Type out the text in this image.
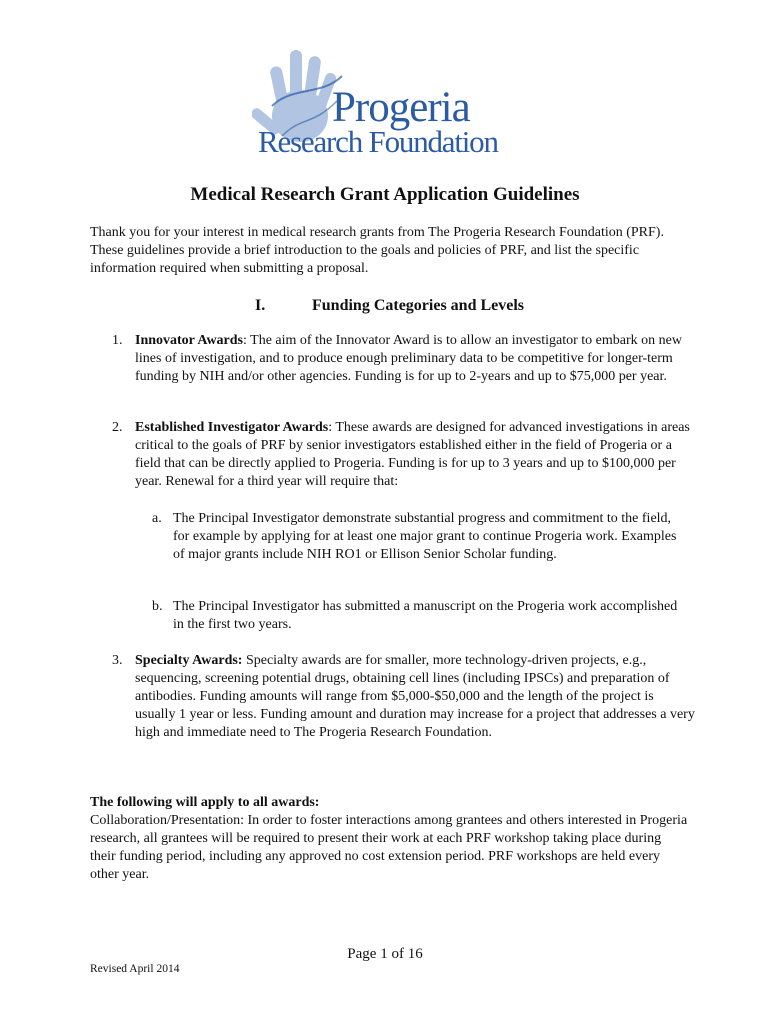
Progeria
Research Foundation
Medical Research Grant Application Guidelines
Thank you for your interest in medical research grants from The Progeria Research Foundation (PRF). These guidelines provide a brief introduction to the goals and policies of PRF, and list the specific information required when submitting a proposal.
I.	Funding Categories and Levels
1. Innovator Awards: The aim of the Innovator Award is to allow an investigator to embark on new lines of investigation, and to produce enough preliminary data to be competitive for longer-term funding by NIH and/or other agencies. Funding is for up to 2-years and up to $75,000 per year.
2. Established Investigator Awards: These awards are designed for advanced investigations in areas critical to the goals of PRF by senior investigators established either in the field of Progeria or a field that can be directly applied to Progeria. Funding is for up to 3 years and up to $100,000 per year. Renewal for a third year will require that:
a. The Principal Investigator demonstrate substantial progress and commitment to the field, for example by applying for at least one major grant to continue Progeria work. Examples of major grants include NIH RO1 or Ellison Senior Scholar funding.
b. The Principal Investigator has submitted a manuscript on the Progeria work accomplished in the first two years.
3. Specialty Awards: Specialty awards are for smaller, more technology-driven projects, e.g., sequencing, screening potential drugs, obtaining cell lines (including IPSCs) and preparation of antibodies. Funding amounts will range from $5,000-$50,000 and the length of the project is usually 1 year or less. Funding amount and duration may increase for a project that addresses a very high and immediate need to The Progeria Research Foundation.
The following will apply to all awards:
Collaboration/Presentation: In order to foster interactions among grantees and others interested in Progeria research, all grantees will be required to present their work at each PRF workshop taking place during their funding period, including any approved no cost extension period. PRF workshops are held every other year.
Page 1 of 16
Revised April 2014
